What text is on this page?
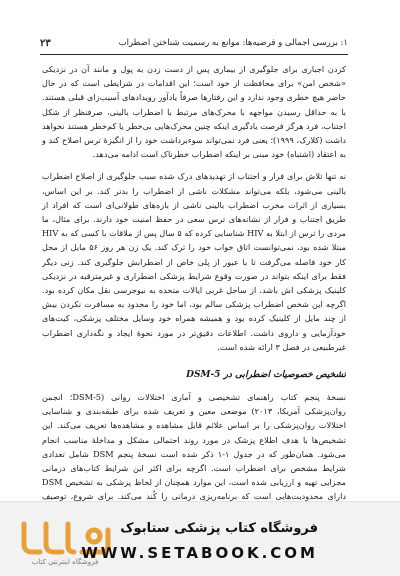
۱: بررسی اجمالی و فرضیه‌ها: موانع به رسمیت شناختن اضطراب
۲۳

کردن اجباری برای جلوگیری از بیماری پس از دست زدن به پول و مانند آن در نزدیکی «شخص امن» برای محافظت از خود است؛ این اقدامات در شرایطی است که در حال حاضر هیچ خطری وجود ندارد و این رفتارها صرفاً یادآور رویدادهای آسیب‌زای قبلی هستند. با به حداقل رسیدن مواجهه با محرک‌های مرتبط با اضطراب بالینی، صرفنظر از شکل اجتناب، فرد هرگز فرصت یادگیری اینکه چنین محرک‌هایی بی‌خطر یا کم‌خطر هستند نخواهد داشت (کلارک، ۱۹۹۹)؛ یعنی فرد نمی‌تواند سوءبرداشت خود را از انگیزهٔ ترس اصلاح کند و به اعتقاد (اشتباه) خود مبنی بر اینکه اضطراب خطرناک است ادامه می‌دهد.

نه تنها تلاش برای فرار و اجتناب از تهدیدهای درک شده سبب جلوگیری از اصلاح اضطراب بالینی می‌شود، بلکه می‌تواند مشکلات ناشی از اضطراب را بدتر کند. بر این اساس، بسیاری از اثرات مخرب اضطراب بالینی ناشی از بازه‌های طولانی‌ای است که افراد از طریق اجتناب و فرار از نشانه‌های ترس سعی در حفظ امنیت خود دارند. برای مثال، ما مردی را ترس از ابتلا به HIV شناسایی کرده که ۵ سال پس از ملاقات با کسی که به HIV مبتلا شده بود، نمی‌توانست اتاق خواب خود را ترک کند. یک زن هر روز ۵۶ مایل از محل کار خود فاصله می‌گرفت تا با عبور از پلی خاص از اضطرابش جلوگیری کند. زنی دیگر فقط برای اینکه بتواند در صورت وقوع شرایط پزشکی اضطراری و غیرمترقبه در نزدیکی کلینیک پزشکی اش باشد، از ساحل غربی ایالات متحده به نیوجرسی نقل مکان کرده بود. اگرچه این شخص اضطراب پزشکی سالم بود، اما خود را محدود به مسافرت نکردن بیش از چند مایل از کلینیک کرده بود و همیشه همراه خود وسایل مختلف پزشکی، کیت‌های خودآزمایی و داروی داشت. اطلاعات دقیق‌تر در مورد نحوهٔ ایجاد و نگه‌داری اضطراب غیرطبیعی در فصل ۳ ارائه شده است.

تشخیص خصوصیات اضطرابی در DSM-5

نسخهٔ پنجم کتاب راهنمای تشخیصی و آماری اختلالات روانی (DSM-5؛ انجمن روان‌پزشکی آمریکا، ۲۰۱۳) موضعی معین و تعریف شده برای طبقه‌بندی و شناسایی اختلالات روان‌پزشکی را بر اساس علائم قابل مشاهده و مشاهده‌ها تعریف می‌کند. این تشخیص‌ها با هدف اطلاع پزشک در مورد روند احتمالی مشکل و مداخلهٔ مناسب انجام می‌شود. همان‌طور که در جدول ۱-۱ ذکر شده است نسخهٔ پنجم DSM شامل تعدادی شرایط مشخص برای اضطراب است. اگرچه برای اکثر این شرایط کتاب‌های درمانی مجزایی تهیه و ارزیابی شده است، این موارد همچنان از لحاظ پزشکی به تشخیص DSM دارای محدودیت‌هایی است که برنامه‌ریزی درمانی را کُند می‌کند. برای شروع، توصیف

فروشگاه اینترنتی کتاب
فروشگاه کتاب پزشکی ستابوک
WWW.SETABOOK.COM
